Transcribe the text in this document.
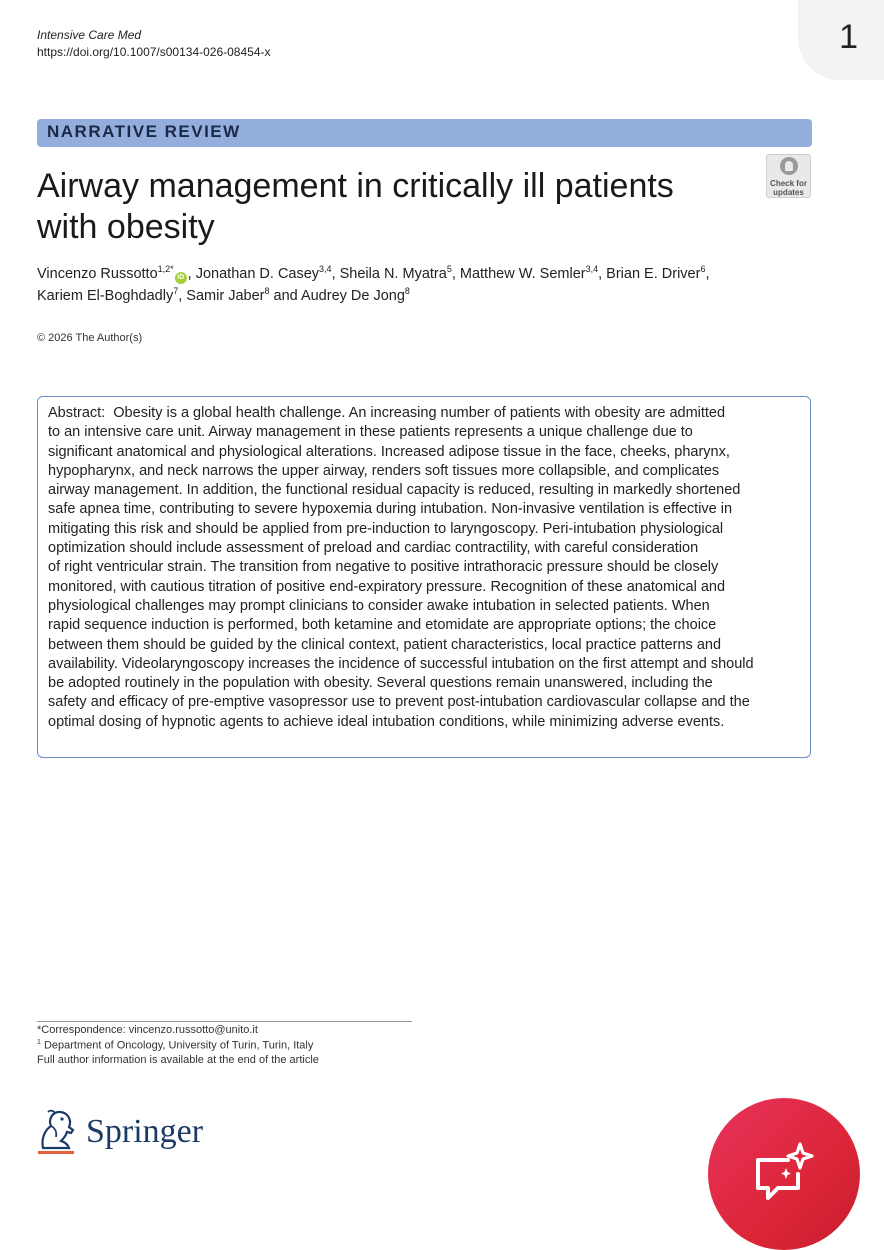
1
Intensive Care Med
https://doi.org/10.1007/s00134-026-08454-x
NARRATIVE REVIEW
Airway management in critically ill patients
with obesity
Check for
updates
Vincenzo Russotto$^{1,2*}$iD , Jonathan D. Casey$^{3,4}$, Sheila N. Myatra$^5$, Matthew W. Semler$^{3,4}$, Brian E. Driver$^6$,
Kariem El-Boghdadly$^7$, Samir Jaber$^8$ and Audrey De Jong$^8$
© 2026 The Author(s)
Abstract: Obesity is a global health challenge. An increasing number of patients with obesity are admitted
to an intensive care unit. Airway management in these patients represents a unique challenge due to
significant anatomical and physiological alterations. Increased adipose tissue in the face, cheeks, pharynx,
hypopharynx, and neck narrows the upper airway, renders soft tissues more collapsible, and complicates
airway management. In addition, the functional residual capacity is reduced, resulting in markedly shortened
safe apnea time, contributing to severe hypoxemia during intubation. Non-invasive ventilation is effective in
mitigating this risk and should be applied from pre-induction to laryngoscopy. Peri-intubation physiological
optimization should include assessment of preload and cardiac contractility, with careful consideration
of right ventricular strain. The transition from negative to positive intrathoracic pressure should be closely
monitored, with cautious titration of positive end-expiratory pressure. Recognition of these anatomical and
physiological challenges may prompt clinicians to consider awake intubation in selected patients. When
rapid sequence induction is performed, both ketamine and etomidate are appropriate options; the choice
between them should be guided by the clinical context, patient characteristics, local practice patterns and
availability. Videolaryngoscopy increases the incidence of successful intubation on the first attempt and should
be adopted routinely in the population with obesity. Several questions remain unanswered, including the
safety and efficacy of pre-emptive vasopressor use to prevent post-intubation cardiovascular collapse and the
optimal dosing of hypnotic agents to achieve ideal intubation conditions, while minimizing adverse events.

*Correspondence: vincenzo.russotto@unito.it
$^1$ Department of Oncology, University of Turin, Turin, Italy
Full author information is available at the end of the article
Springer
